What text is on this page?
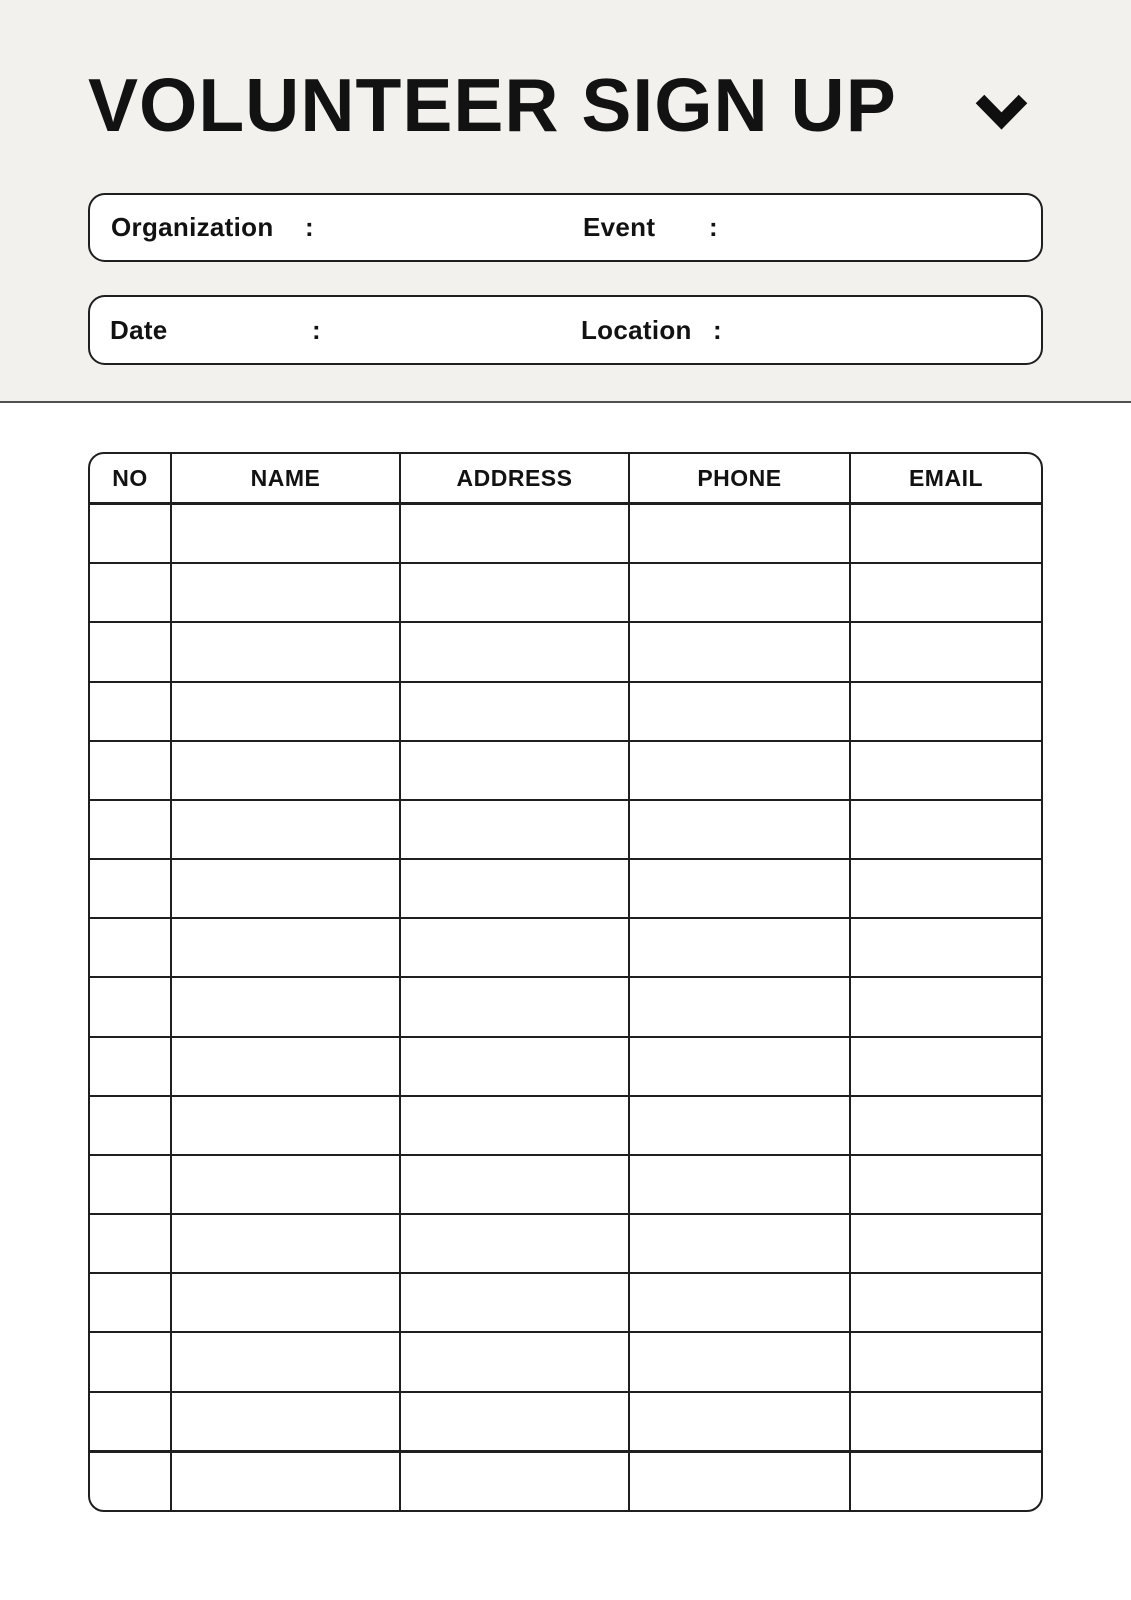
VOLUNTEER SIGN UP
Organization :	Event :
Date	:	Location :
NO	NAME	ADDRESS	PHONE	EMAIL
